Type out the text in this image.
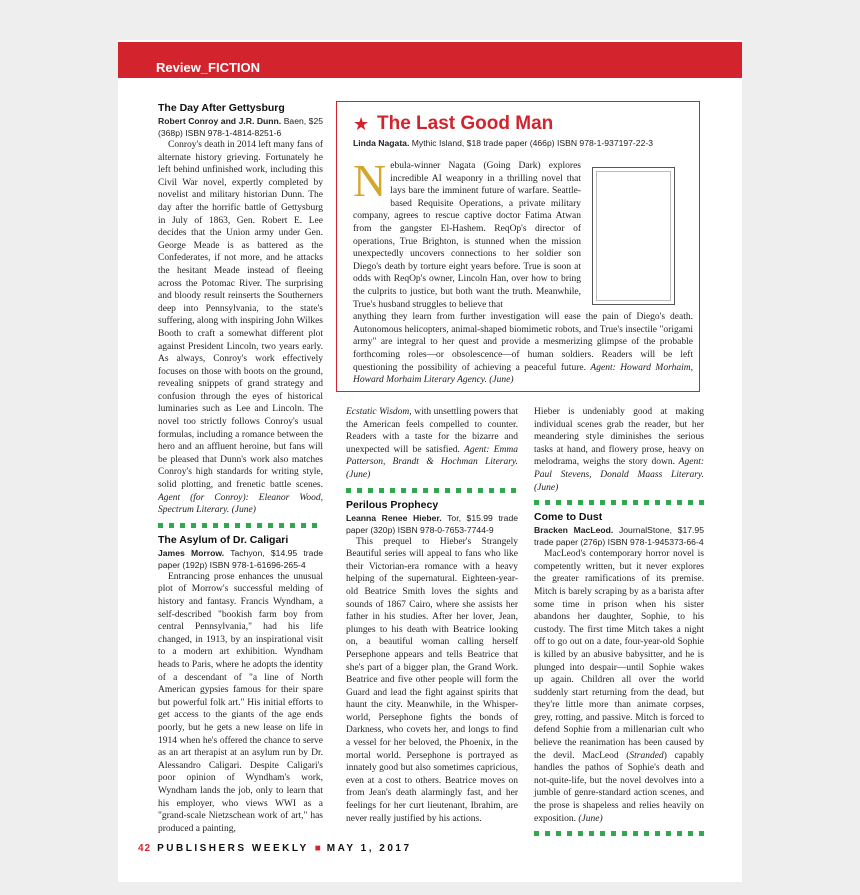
Review_FICTION

The Day After Gettysburg

Robert Conroy and J.R. Dunn. Baen, $25 (368p) ISBN 978-1-4814-8251-6

Conroy's death in 2014 left many fans of alternate history grieving. Fortunately he left behind unfinished work, including this Civil War novel, expertly completed by novelist and military historian Dunn. The day after the horrific battle of Gettysburg in July of 1863, Gen. Robert E. Lee decides that the Union army under Gen. George Meade is as battered as the Confederates, if not more, and he attacks the hesitant Meade instead of fleeing across the Potomac River. The surprising and bloody result reinserts the Southerners deep into Pennsylvania, to the state's suffering, along with inspiring John Wilkes Booth to craft a somewhat different plot against President Lincoln, two years early. As always, Conroy's work effectively focuses on those with boots on the ground, revealing snippets of grand strategy and confusion through the eyes of historical luminaries such as Lee and Lincoln. The novel too strictly follows Conroy's usual formulas, including a romance between the hero and an affluent heroine, but fans will be pleased that Dunn's work also matches Conroy's high standards for writing style, solid plotting, and frenetic battle scenes. Agent (for Conroy): Eleanor Wood, Spectrum Literary. (June)

The Asylum of Dr. Caligari

James Morrow. Tachyon, $14.95 trade paper (192p) ISBN 978-1-61696-265-4

Entrancing prose enhances the unusual plot of Morrow's successful melding of history and fantasy. Francis Wyndham, a self-described "bookish farm boy from central Pennsylvania," had his life changed, in 1913, by an inspirational visit to a modern art exhibition. Wyndham heads to Paris, where he adopts the identity of a descendant of "a line of North American gypsies famous for their spare but powerful folk art." His initial efforts to get access to the giants of the age ends poorly, but he gets a new lease on life in 1914 when he's offered the chance to serve as an art therapist at an asylum run by Dr. Alessandro Caligari. Despite Caligari's poor opinion of Wyndham's work, Wyndham lands the job, only to learn that his employer, who views WWI as a "grand-scale Nietzschean work of art," has produced a painting,

★ The Last Good Man
Linda Nagata. Mythic Island, $18 trade paper (466p) ISBN 978-1-937197-22-3
Nebula-winner Nagata (Going Dark) explores incredible AI weaponry in a thrilling novel that lays bare the imminent future of warfare. Seattle-based Requisite Operations, a private military company, agrees to rescue captive doctor Fatima Atwan from the gangster El-Hashem. ReqOp's director of operations, True Brighton, is stunned when the mission unexpectedly uncovers connections to her soldier son Diego's death by torture eight years before. True is soon at odds with ReqOp's owner, Lincoln Han, over how to bring the culprits to justice, but both want the truth. Meanwhile, True's husband struggles to believe that
anything they learn from further investigation will ease the pain of Diego's death. Autonomous helicopters, animal-shaped biomimetic robots, and True's insectile "origami army" are integral to her quest and provide a mesmerizing glimpse of the probable forthcoming roles—or obsolescence—of human soldiers. Readers will be left questioning the possibility of achieving a peaceful future. Agent: Howard Morhaim, Howard Morhaim Literary Agency. (June)

Ecstatic Wisdom, with unsettling powers that the American feels compelled to counter. Readers with a taste for the bizarre and unexpected will be satisfied. Agent: Emma Patterson, Brandt & Hochman Literary. (June)

Perilous Prophecy

Leanna Renee Hieber. Tor, $15.99 trade paper (320p) ISBN 978-0-7653-7744-9

This prequel to Hieber's Strangely Beautiful series will appeal to fans who like their Victorian-era romance with a heavy helping of the supernatural. Eighteen-year-old Beatrice Smith loves the sights and sounds of 1867 Cairo, where she assists her father in his studies. After her lover, Jean, plunges to his death with Beatrice looking on, a beautiful woman calling herself Persephone appears and tells Beatrice that she's part of a bigger plan, the Grand Work. Beatrice and five other people will form the Guard and lead the fight against spirits that haunt the city. Meanwhile, in the Whisper-world, Persephone fights the bonds of Darkness, who covets her, and longs to find a vessel for her beloved, the Phoenix, in the mortal world. Persephone is portrayed as innately good but also sometimes capricious, even at a cost to others. Beatrice moves on from Jean's death alarmingly fast, and her feelings for her curt lieutenant, Ibrahim, are never really justified by his actions.

Hieber is undeniably good at making individual scenes grab the reader, but her meandering style diminishes the serious tasks at hand, and flowery prose, heavy on melodrama, weighs the story down. Agent: Paul Stevens, Donald Maass Literary. (June)

Come to Dust

Bracken MacLeod. JournalStone, $17.95 trade paper (276p) ISBN 978-1-945373-66-4

MacLeod's contemporary horror novel is competently written, but it never explores the greater ramifications of its premise. Mitch is barely scraping by as a barista after some time in prison when his sister abandons her daughter, Sophie, to his custody. The first time Mitch takes a night off to go out on a date, four-year-old Sophie is killed by an abusive babysitter, and he is plunged into despair—until Sophie wakes up again. Children all over the world suddenly start returning from the dead, but they're little more than animate corpses, grey, rotting, and passive. Mitch is forced to defend Sophie from a millenarian cult who believe the reanimation has been caused by the devil. MacLeod (Stranded) capably handles the pathos of Sophie's death and not-quite-life, but the novel devolves into a jumble of genre-standard action scenes, and the prose is shapeless and relies heavily on exposition. (June)

42 PUBLISHERS WEEKLY ■ MAY 1, 2017
